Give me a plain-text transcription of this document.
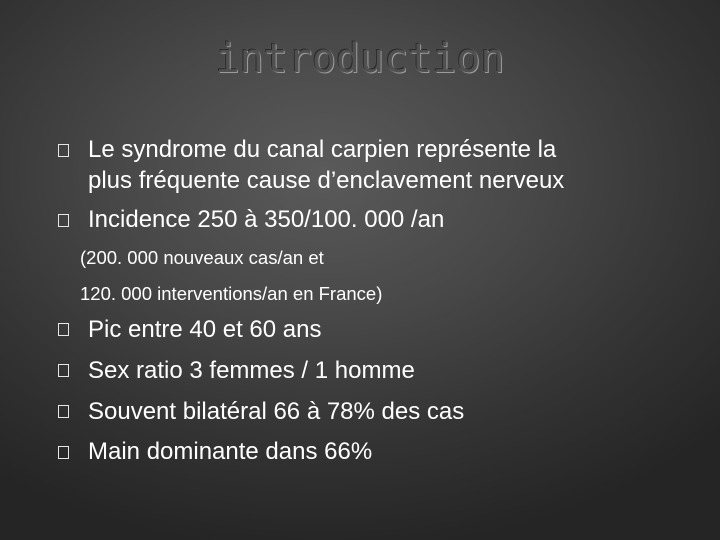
introduction
Le syndrome du canal carpien représente la
plus fréquente cause d’enclavement nerveux
Incidence 250 à 350/100. 000 /an
(200. 000 nouveaux cas/an et
120. 000 interventions/an en France)
Pic entre 40 et 60 ans
Sex ratio 3 femmes / 1 homme
Souvent bilatéral 66 à 78% des cas
Main dominante dans 66%
